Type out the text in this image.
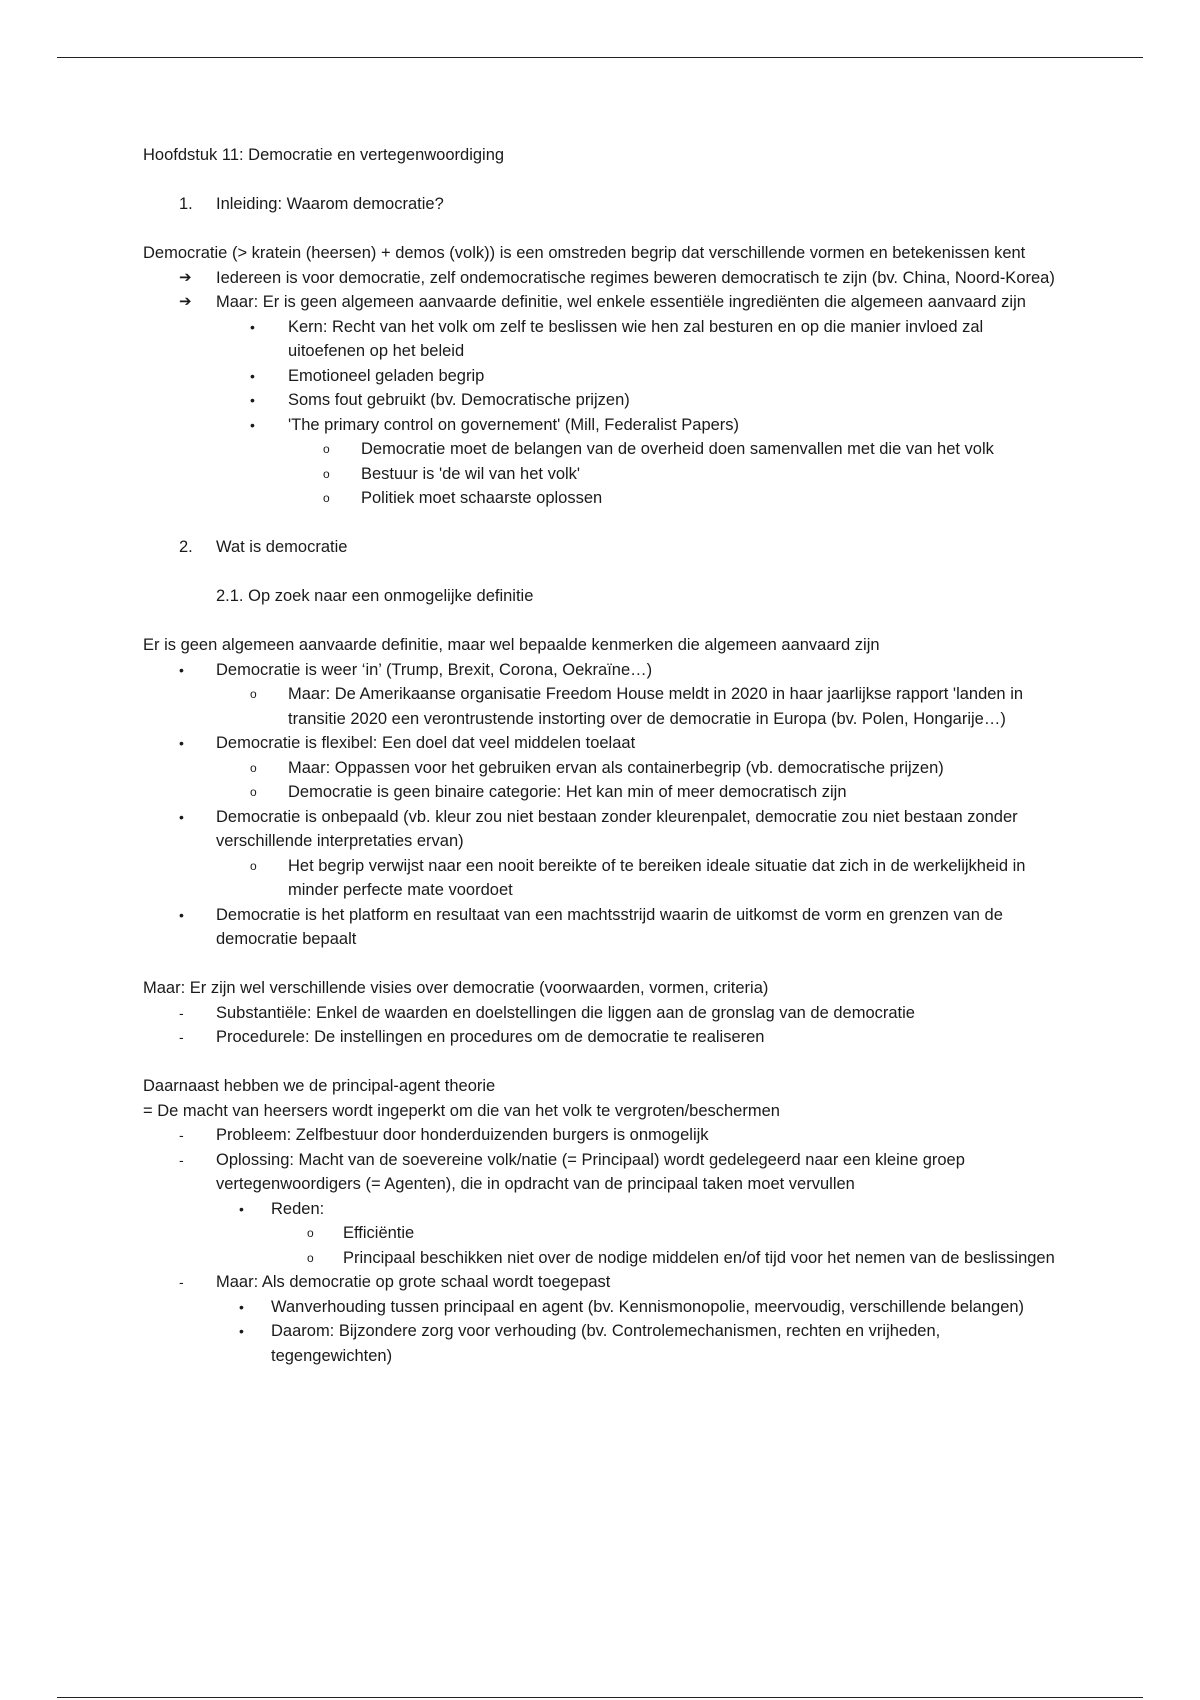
Hoofdstuk 11: Democratie en vertegenwoordiging

1.	Inleiding: Waarom democratie?

Democratie (> kratein (heersen) + demos (volk)) is een omstreden begrip dat verschillende vormen en betekenissen kent

➔	Iedereen is voor democratie, zelf ondemocratische regimes beweren democratisch te zijn (bv. China, Noord-Korea)
➔	Maar: Er is geen algemeen aanvaarde definitie, wel enkele essentiële ingrediënten die algemeen aanvaard zijn
•	Kern: Recht van het volk om zelf te beslissen wie hen zal besturen en op die manier invloed zal uitoefenen op het beleid
•	Emotioneel geladen begrip
•	Soms fout gebruikt (bv. Democratische prijzen)
•	'The primary control on governement' (Mill, Federalist Papers)
o	Democratie moet de belangen van de overheid doen samenvallen met die van het volk
o	Bestuur is 'de wil van het volk'
o	Politiek moet schaarste oplossen
2.	Wat is democratie
2.1. Op zoek naar een onmogelijke definitie

Er is geen algemeen aanvaarde definitie, maar wel bepaalde kenmerken die algemeen aanvaard zijn

•	Democratie is weer ‘in’ (Trump, Brexit, Corona, Oekraïne…)
o	Maar: De Amerikaanse organisatie Freedom House meldt in 2020 in haar jaarlijkse rapport 'landen in transitie 2020 een verontrustende instorting over de democratie in Europa (bv. Polen, Hongarije…)
•	Democratie is flexibel: Een doel dat veel middelen toelaat
o	Maar: Oppassen voor het gebruiken ervan als containerbegrip (vb. democratische prijzen)
o	Democratie is geen binaire categorie: Het kan min of meer democratisch zijn
•	Democratie is onbepaald (vb. kleur zou niet bestaan zonder kleurenpalet, democratie zou niet bestaan zonder verschillende interpretaties ervan)
o	Het begrip verwijst naar een nooit bereikte of te bereiken ideale situatie dat zich in de werkelijkheid in minder perfecte mate voordoet
•	Democratie is het platform en resultaat van een machtsstrijd waarin de uitkomst de vorm en grenzen van de democratie bepaalt

Maar: Er zijn wel verschillende visies over democratie (voorwaarden, vormen, criteria)

-	Substantiële: Enkel de waarden en doelstellingen die liggen aan de gronslag van de democratie
-	Procedurele: De instellingen en procedures om de democratie te realiseren

Daarnaast hebben we de principal-agent theorie

= De macht van heersers wordt ingeperkt om die van het volk te vergroten/beschermen

-	Probleem: Zelfbestuur door honderduizenden burgers is onmogelijk
-	Oplossing: Macht van de soevereine volk/natie (= Principaal) wordt gedelegeerd naar een kleine groep vertegenwoordigers (= Agenten), die in opdracht van de principaal taken moet vervullen
•	Reden:
o	Efficiëntie
o	Principaal beschikken niet over de nodige middelen en/of tijd voor het nemen van de beslissingen
-	Maar: Als democratie op grote schaal wordt toegepast
•	Wanverhouding tussen principaal en agent (bv. Kennismonopolie, meervoudig, verschillende belangen)
•	Daarom: Bijzondere zorg voor verhouding (bv. Controlemechanismen, rechten en vrijheden, tegengewichten)
